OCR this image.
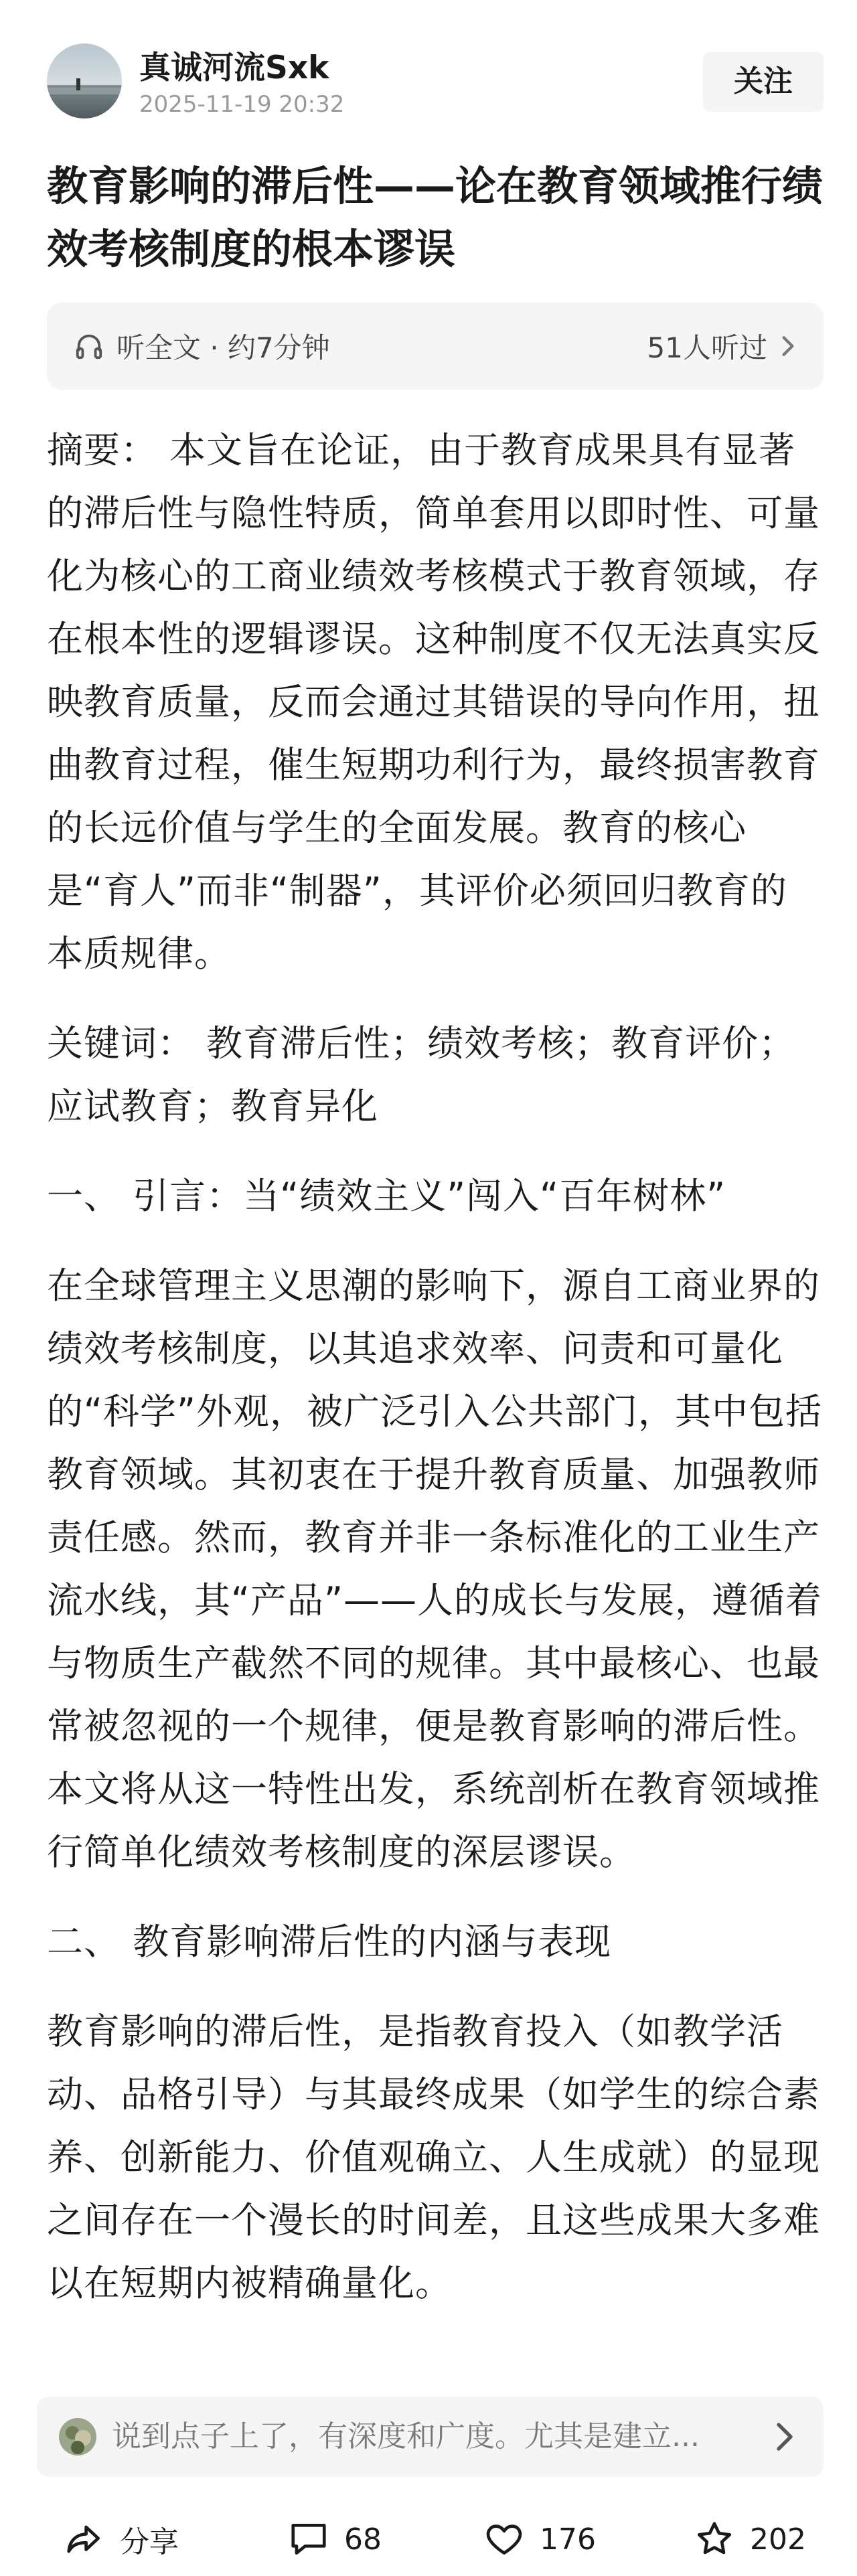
真诚河流Sxk
2025-11-19 20:32
关注
教育影响的滞后性——论在教育领域推行绩效考核制度的根本谬误
听全文 · 约7分钟	51人听过

摘要： 本文旨在论证，由于教育成果具有显著的滞后性与隐性特质，简单套用以即时性、可量化为核心的工商业绩效考核模式于教育领域，存在根本性的逻辑谬误。这种制度不仅无法真实反映教育质量，反而会通过其错误的导向作用，扭曲教育过程，催生短期功利行为，最终损害教育的长远价值与学生的全面发展。教育的核心是“育人”而非“制器”，其评价必须回归教育的本质规律。

关键词： 教育滞后性；绩效考核；教育评价；应试教育；教育异化

一、 引言：当“绩效主义”闯入“百年树林”

在全球管理主义思潮的影响下，源自工商业界的绩效考核制度，以其追求效率、问责和可量化的“科学”外观，被广泛引入公共部门，其中包括教育领域。其初衷在于提升教育质量、加强教师责任感。然而，教育并非一条标准化的工业生产流水线，其“产品”——人的成长与发展，遵循着与物质生产截然不同的规律。其中最核心、也最常被忽视的一个规律，便是教育影响的滞后性。本文将从这一特性出发，系统剖析在教育领域推行简单化绩效考核制度的深层谬误。

二、 教育影响滞后性的内涵与表现

教育影响的滞后性，是指教育投入（如教学活动、品格引导）与其最终成果（如学生的综合素养、创新能力、价值观确立、人生成就）的显现之间存在一个漫长的时间差，且这些成果大多难以在短期内被精确量化。

说到点子上了，有深度和广度。尤其是建立...
分享	68	176	202
